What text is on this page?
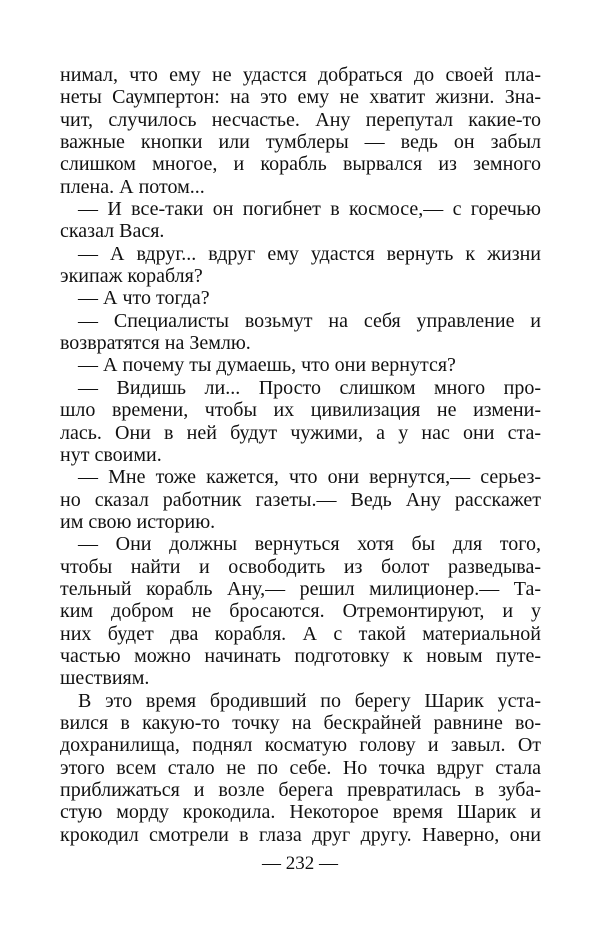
нимал, что ему не удастся добраться до своей пла-
неты Саумпертон: на это ему не хватит жизни. Зна-
чит, случилось несчастье. Ану перепутал какие-то
важные кнопки или тумблеры — ведь он забыл
слишком многое, и корабль вырвался из земного
плена. А потом...
— И все-таки он погибнет в космосе,— с горечью
сказал Вася.
— А вдруг... вдруг ему удастся вернуть к жизни
экипаж корабля?
— А что тогда?
— Специалисты возьмут на себя управление и
возвратятся на Землю.
— А почему ты думаешь, что они вернутся?
— Видишь ли... Просто слишком много про-
шло времени, чтобы их цивилизация не измени-
лась. Они в ней будут чужими, а у нас они ста-
нут своими.
— Мне тоже кажется, что они вернутся,— серьез-
но сказал работник газеты.— Ведь Ану расскажет
им свою историю.
— Они должны вернуться хотя бы для того,
чтобы найти и освободить из болот разведыва-
тельный корабль Ану,— решил милиционер.— Та-
ким добром не бросаются. Отремонтируют, и у
них будет два корабля. А с такой материальной
частью можно начинать подготовку к новым путе-
шествиям.
В это время бродивший по берегу Шарик уста-
вился в какую-то точку на бескрайней равнине во-
дохранилища, поднял косматую голову и завыл. От
этого всем стало не по себе. Но точка вдруг стала
приближаться и возле берега превратилась в зуба-
стую морду крокодила. Некоторое время Шарик и
крокодил смотрели в глаза друг другу. Наверно, они
— 232 —
